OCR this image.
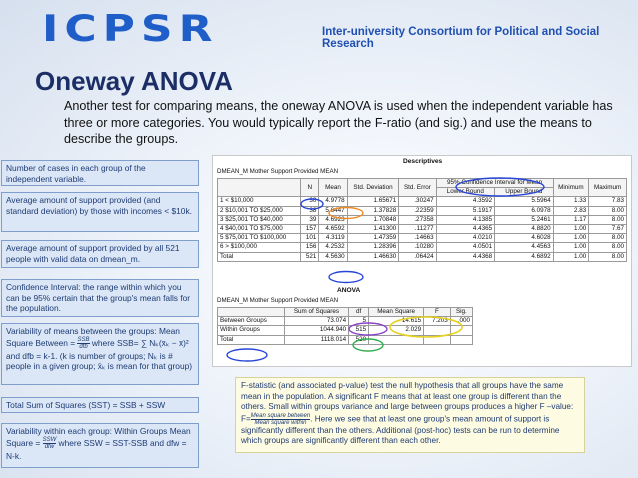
ICPSR	Inter-university Consortium for Political and Social Research
Oneway ANOVA
Another test for comparing means, the oneway ANOVA is used when the independent variable has three or more categories. You would typically report the F-ratio (and sig.) and use the means to describe the groups.
Number of cases in each group of the independent variable.
Average amount of support provided (and standard deviation) by those with incomes < $10k.
Average amount of support provided by all 521 people with valid data on dmean_m.
Confidence Interval: the range within which you can be 95% certain that the group's mean falls for the population.
Variability of means between the groups: Mean Square Between = $\frac{\text{SSB}}{\text{dfb}}$ where SSB= ∑ Nₖ(x̄ₖ − x̄)² and dfb = k-1. (k is number of groups; Nₖ is # people in a given group; x̄ₖ is mean for that group)
Total Sum of Squares (SST) = SSB + SSW
Variability within each group: Within Groups Mean Square = $\frac{\text{SSW}}{\text{dfw}}$ where SSW = SST-SSB and dfw = N-k.
Descriptives
DMEAN_M Mother Support Provided MEAN
	N	Mean	Std. Deviation	Std. Error	95% Confidence Interval for Mean		Minimum	Maximum
					Lower Bound	Upper Bound		
1 < $10,000	30	4.9778	1.65671	.30247	4.3592	5.5964	1.33	7.83
2 $10,001 TO $25,000	38	5.6447	1.37828	.22359	5.1917	6.0978	2.83	8.00
3 $25,001 TO $40,000	39	4.6923	1.70848	.27358	4.1385	5.2461	1.17	8.00
4 $40,001 TO $75,000	157	4.6592	1.41300	.11277	4.4365	4.8820	1.00	7.67
5 $75,001 TO $100,000	101	4.3119	1.47359	.14663	4.0210	4.6028	1.00	8.00
6 > $100,000	156	4.2532	1.28396	.10280	4.0501	4.4563	1.00	8.00
Total	521	4.5630	1.46630	.06424	4.4368	4.6892	1.00	8.00
ANOVA
DMEAN_M Mother Support Provided MEAN
	Sum of Squares	df	Mean Square	F	Sig.
Between Groups	73.074	5	14.615	7.203	.000
Within Groups	1044.940	515	2.029		
Total	1118.014	520			
F-statistic (and associated p-value) test the null hypothesis that all groups have the same mean in the population. A significant F means that at least one group is different than the others. Small within groups variance and large between groups produces a higher F –value: $F= \frac{\text{Mean square between}}{\text{Mean square within}}$ . Here we see that at least one group's mean amount of support is significantly different than the others. Additional (post-hoc) tests can be run to determine which groups are significantly different than each other.
